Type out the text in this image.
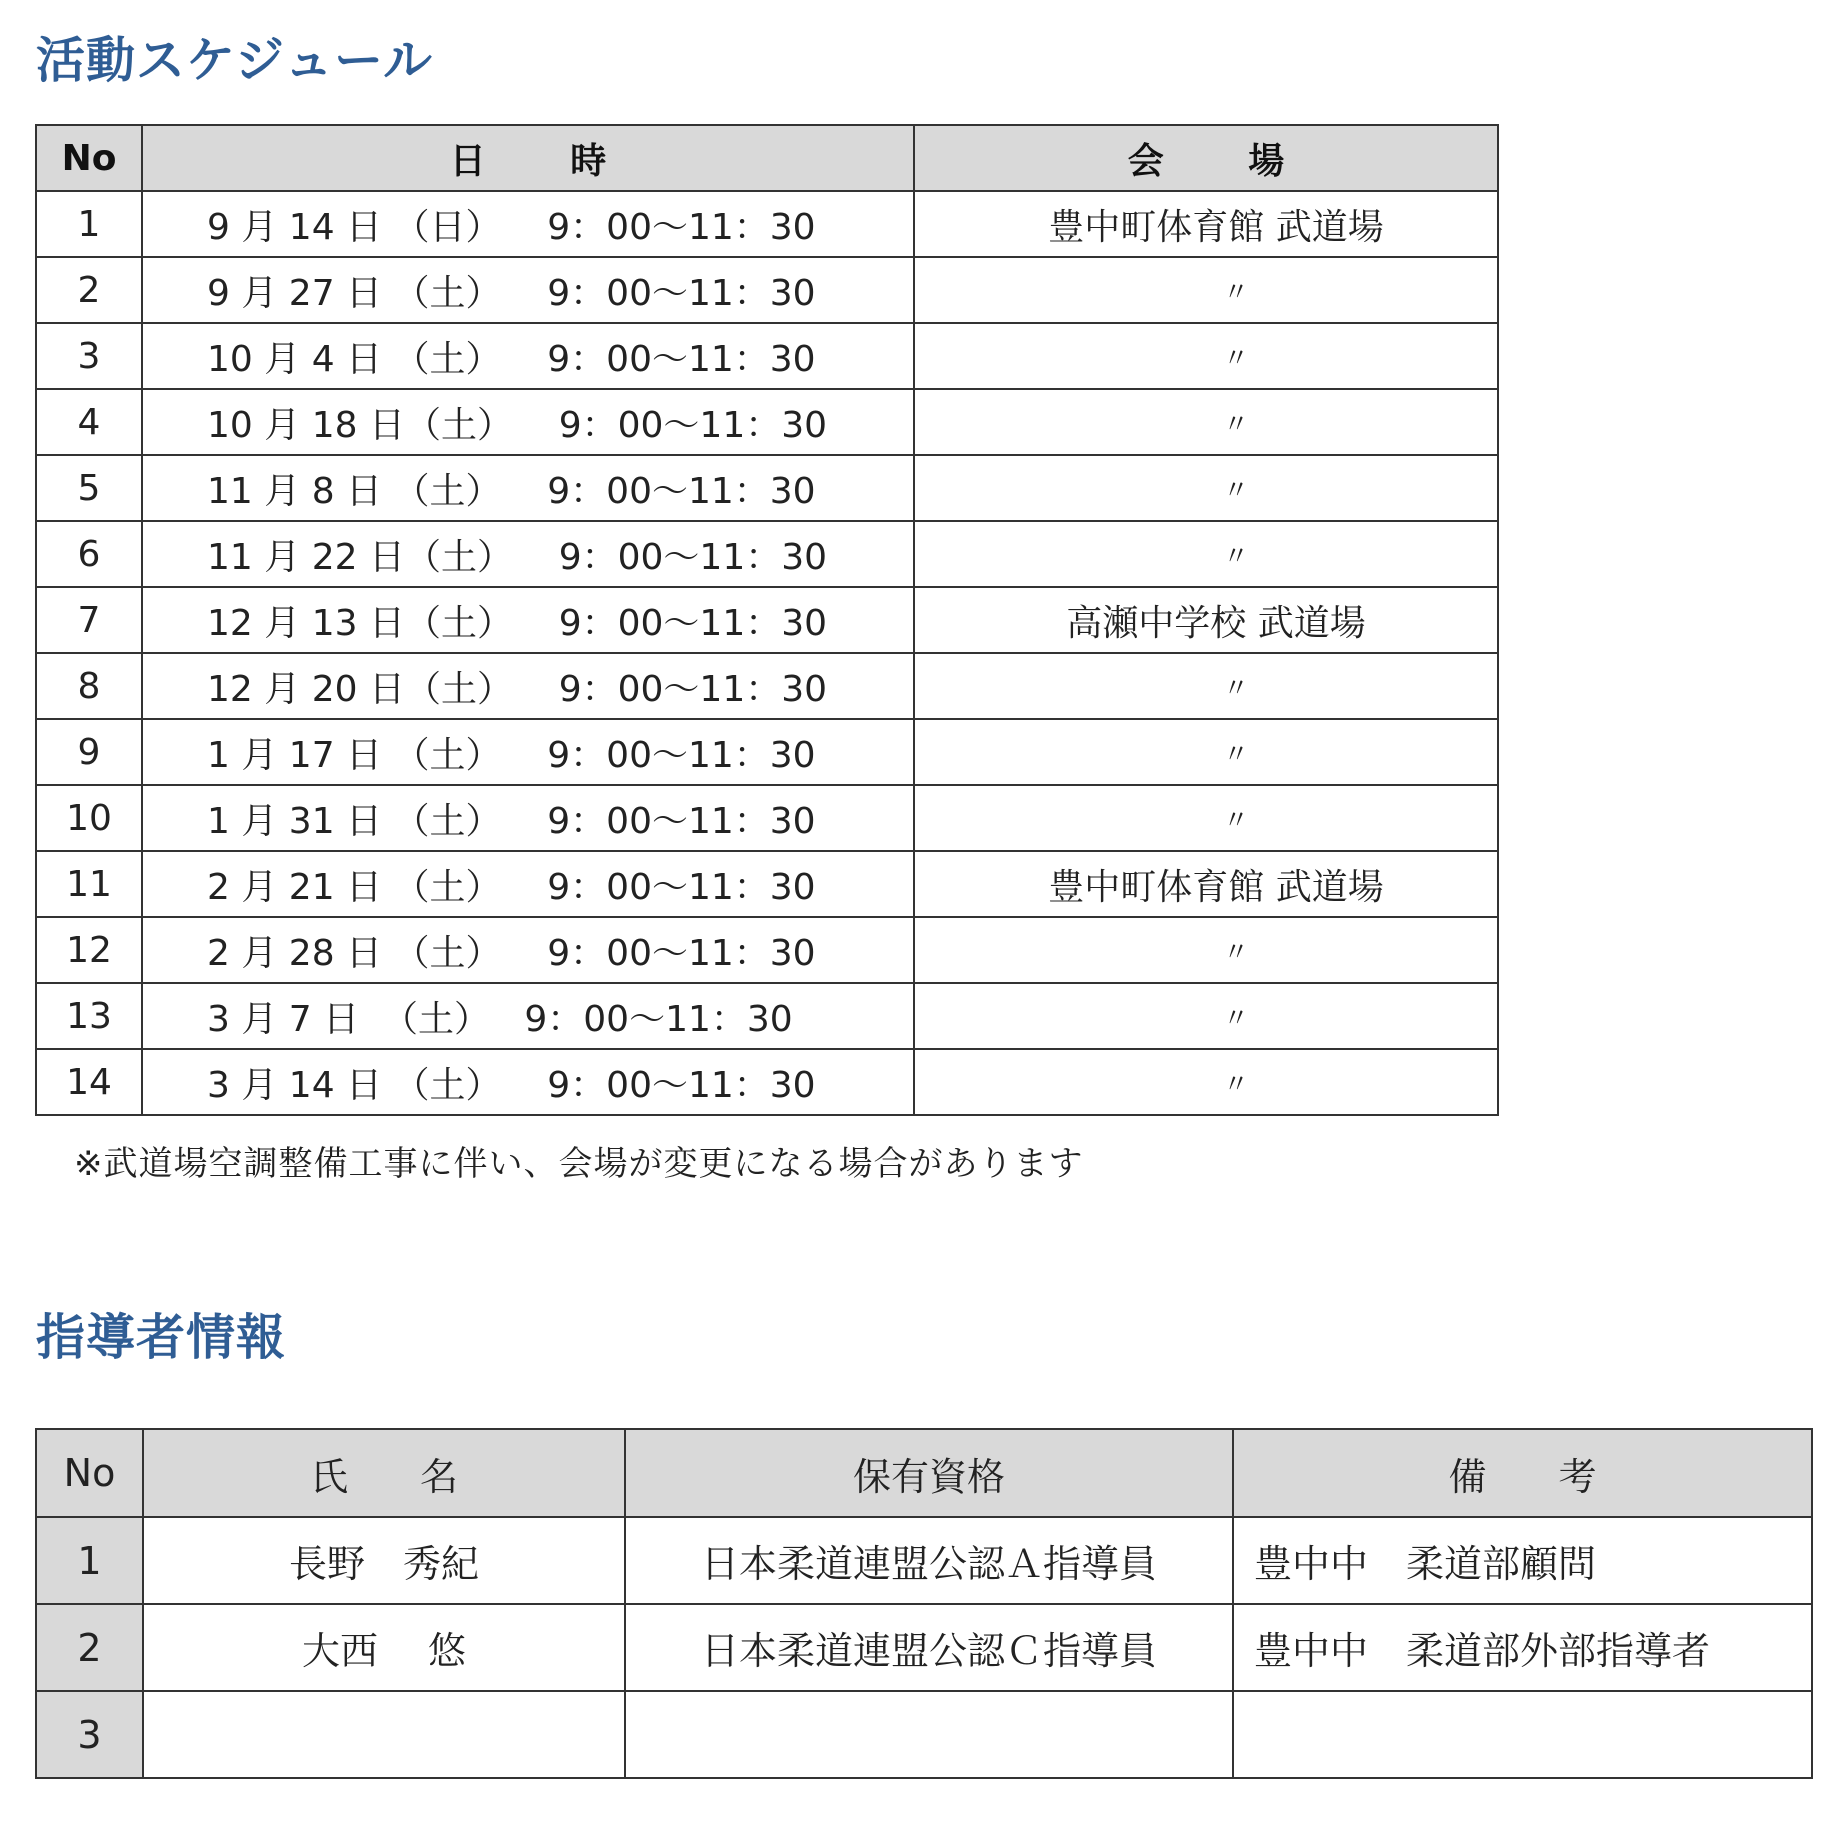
活動スケジュール
No	日 時	会 場
1	9 月 14 日 （日）    9：00～11：30	豊中町体育館 武道場
2	9 月 27 日 （土）    9：00～11：30	〃
3	10 月 4 日 （土）    9：00～11：30	〃
4	10 月 18 日（土）    9：00～11：30	〃
5	11 月 8 日 （土）    9：00～11：30	〃
6	11 月 22 日（土）    9：00～11：30	〃
7	12 月 13 日（土）    9：00～11：30	高瀬中学校 武道場
8	12 月 20 日（土）    9：00～11：30	〃
9	1 月 17 日 （土）    9：00～11：30	〃
10	1 月 31 日 （土）    9：00～11：30	〃
11	2 月 21 日 （土）    9：00～11：30	豊中町体育館 武道場
12	2 月 28 日 （土）    9：00～11：30	〃
13	3 月 7 日  （土）   9：00～11：30	〃
14	3 月 14 日 （土）    9：00～11：30	〃

※武道場空調整備工事に伴い、会場が変更になる場合があります

指導者情報
No	氏 名	保有資格	備 考
1	長野　秀紀	日本柔道連盟公認Ａ指導員	豊中中　柔道部顧問
2	大西　 悠	日本柔道連盟公認Ｃ指導員	豊中中　柔道部外部指導者
3			
